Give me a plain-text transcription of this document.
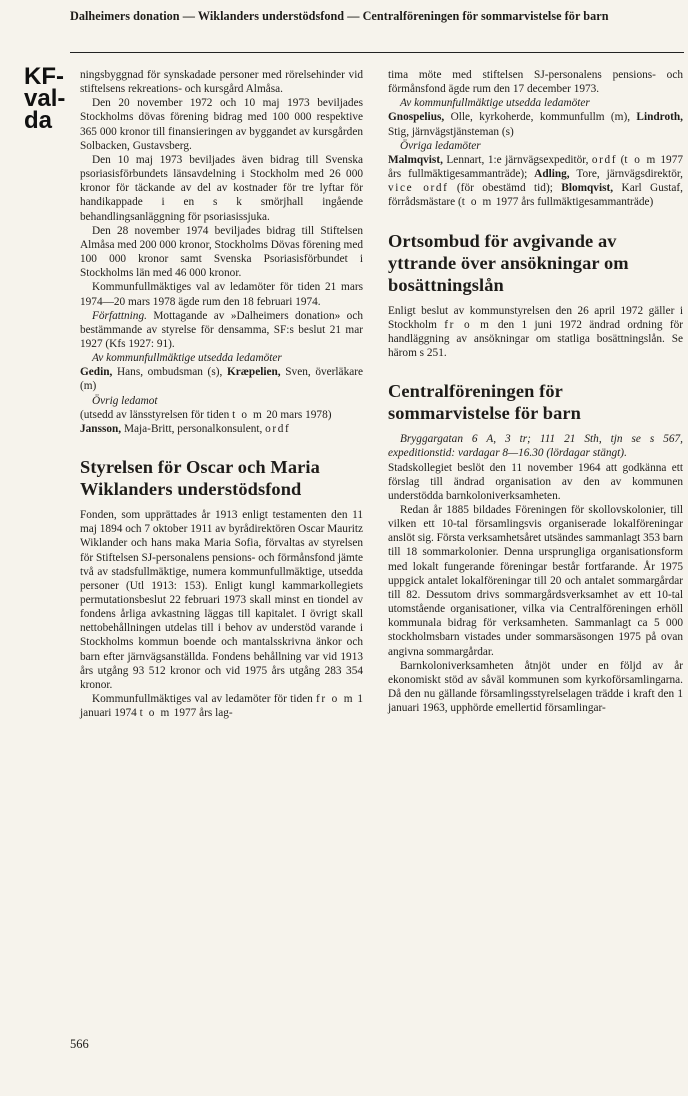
Dalheimers donation — Wiklanders understödsfond — Centralföreningen för sommarvistelse för barn
KF-
val-
da

ningsbyggnad för synskadade personer med rörelsehinder vid stiftelsens rekreations- och kursgård Almåsa.

Den 20 november 1972 och 10 maj 1973 beviljades Stockholms dövas förening bidrag med 100 000 respektive 365 000 kronor till finansieringen av byggandet av kursgården Solbacken, Gustavsberg.

Den 10 maj 1973 beviljades även bidrag till Svenska psoriasisförbundets länsavdelning i Stockholm med 26 000 kronor för täckande av del av kostnader för tre lyftar för handikappade i en s k smörjhall ingående behandlingsanläggning för psoriasissjuka.

Den 28 november 1974 beviljades bidrag till Stiftelsen Almåsa med 200 000 kronor, Stockholms Dövas förening med 100 000 kronor samt Svenska Psoriasisförbundet i Stockholms län med 46 000 kronor.

Kommunfullmäktiges val av ledamöter för tiden 21 mars 1974—20 mars 1978 ägde rum den 18 februari 1974.

Författning. Mottagande av »Dalheimers donation» och bestämmande av styrelse för densamma, SF:s beslut 21 mar 1927 (Kfs 1927: 91).

Av kommunfullmäktige utsedda ledamöter

Gedin, Hans, ombudsman (s), Kræpelien, Sven, överläkare (m)

Övrig ledamot

(utsedd av länsstyrelsen för tiden t o m 20 mars 1978)

Jansson, Maja-Britt, personalkonsulent, ordf

Styrelsen för Oscar och Maria Wiklanders understödsfond

Fonden, som upprättades år 1913 enligt testamenten den 11 maj 1894 och 7 oktober 1911 av byrådirektören Oscar Mauritz Wiklander och hans maka Maria Sofia, förvaltas av styrelsen för Stiftelsen SJ-personalens pensions- och förmånsfond jämte två av stadsfullmäktige, numera kommunfullmäktige, utsedda personer (Utl 1913: 153). Enligt kungl kammarkollegiets permutationsbeslut 22 februari 1973 skall minst en tiondel av fondens årliga avkastning läggas till kapitalet. I övrigt skall nettobehållningen utdelas till i behov av understöd varande i Stockholms kommun boende och mantalsskrivna änkor och barn efter järnvägsanställda. Fondens behållning var vid 1913 års utgång 93 512 kronor och vid 1975 års utgång 283 354 kronor.

Kommunfullmäktiges val av ledamöter för tiden fr o m 1 januari 1974 t o m 1977 års lag-

tima möte med stiftelsen SJ-personalens pensions- och förmånsfond ägde rum den 17 december 1973.

Av kommunfullmäktige utsedda ledamöter

Gnospelius, Olle, kyrkoherde, kommunfullm (m), Lindroth, Stig, järnvägstjänsteman (s)

Övriga ledamöter

Malmqvist, Lennart, 1:e järnvägsexpeditör, ordf (t o m 1977 års fullmäktigesammanträde); Adling, Tore, järnvägsdirektör, vice ordf (för obestämd tid); Blomqvist, Karl Gustaf, förrådsmästare (t o m 1977 års fullmäktigesammanträde)

Ortsombud för avgivande av yttrande över ansökningar om bosättningslån

Enligt beslut av kommunstyrelsen den 26 april 1972 gäller i Stockholm fr o m den 1 juni 1972 ändrad ordning för handläggning av ansökningar om statliga bosättningslån. Se härom s 251.

Centralföreningen för sommarvistelse för barn

Bryggargatan 6 A, 3 tr; 111 21 Sth, tjn se s 567, expeditionstid: vardagar 8—16.30 (lördagar stängt).

Stadskollegiet beslöt den 11 november 1964 att godkänna ett förslag till ändrad organisation av den av kommunen understödda barnkoloniverksamheten.

Redan år 1885 bildades Föreningen för skollovskolonier, till vilken ett 10-tal församlingsvis organiserade lokalföreningar anslöt sig. Första verksamhetsåret utsändes sammanlagt 353 barn till 18 sommarkolonier. Denna ursprungliga organisationsform med lokalt fungerande föreningar består fortfarande. År 1975 uppgick antalet lokalföreningar till 20 och antalet sommargårdar till 82. Dessutom drivs sommargårdsverksamhet av ett 10-tal utomstående organisationer, vilka via Centralföreningen erhöll kommunala bidrag för verksamheten. Sammanlagt ca 5 000 stockholmsbarn vistades under sommarsäsongen 1975 på ovan angivna sommargårdar.

Barnkoloniverksamheten åtnjöt under en följd av år ekonomiskt stöd av såväl kommunen som kyrkoförsamlingarna. Då den nu gällande församlingsstyrelselagen trädde i kraft den 1 januari 1963, upphörde emellertid församlingar-

566
